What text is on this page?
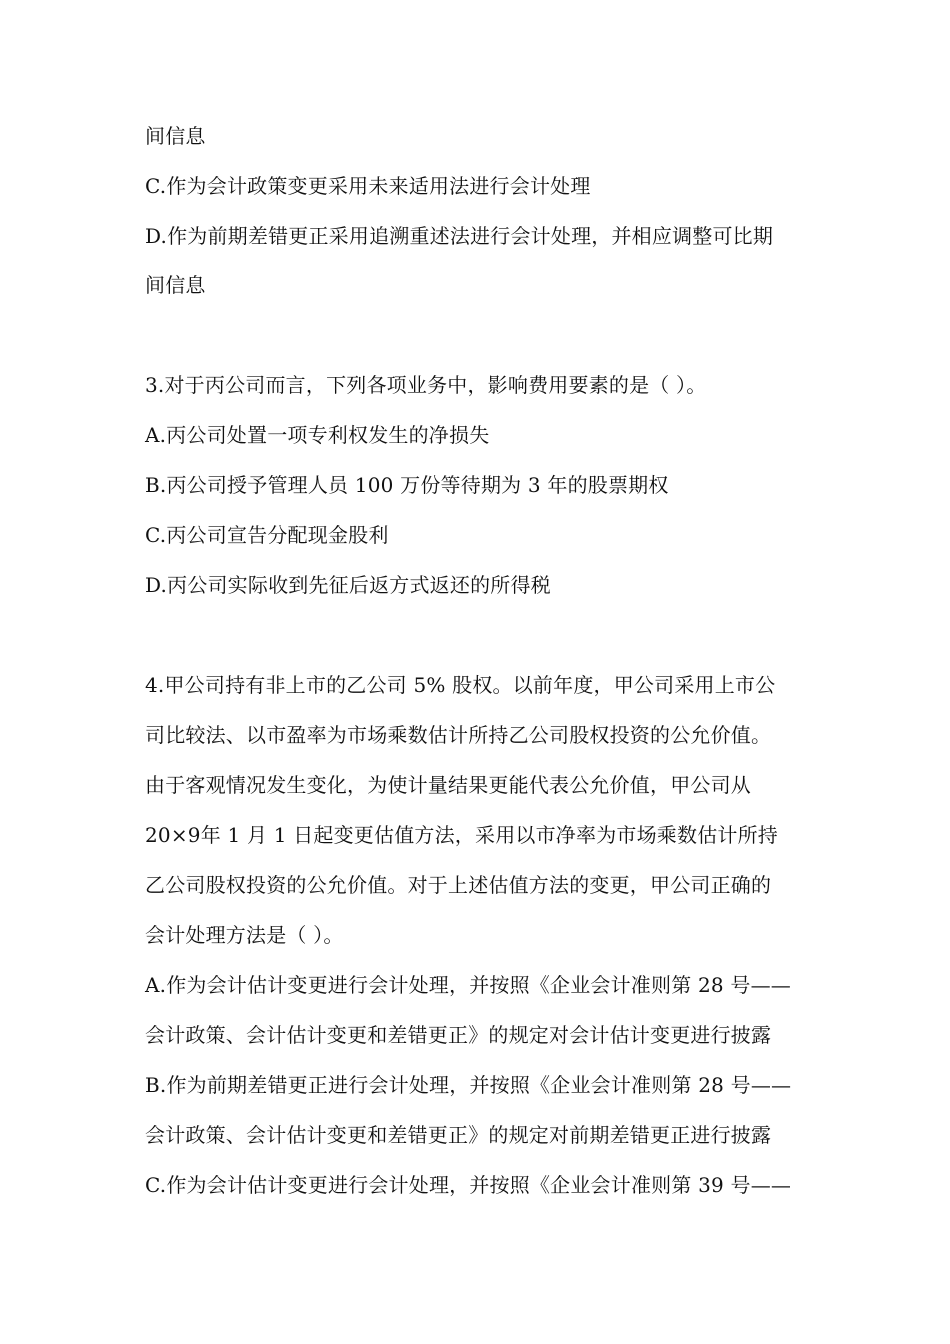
间信息
C.作为会计政策变更采用未来适用法进行会计处理
D.作为前期差错更正采用追溯重述法进行会计处理，并相应调整可比期
间信息
3.对于丙公司而言，下列各项业务中，影响费用要素的是（ ）。
A.丙公司处置一项专利权发生的净损失
B.丙公司授予管理人员 100 万份等待期为 3 年的股票期权
C.丙公司宣告分配现金股利
D.丙公司实际收到先征后返方式返还的所得税
4.甲公司持有非上市的乙公司 5% 股权。以前年度，甲公司采用上市公
司比较法、以市盈率为市场乘数估计所持乙公司股权投资的公允价值。
由于客观情况发生变化，为使计量结果更能代表公允价值，甲公司从
20×9年 1 月 1 日起变更估值方法，采用以市净率为市场乘数估计所持
乙公司股权投资的公允价值。对于上述估值方法的变更，甲公司正确的
会计处理方法是（ ）。
A.作为会计估计变更进行会计处理，并按照《企业会计准则第 28 号——
会计政策、会计估计变更和差错更正》的规定对会计估计变更进行披露
B.作为前期差错更正进行会计处理，并按照《企业会计准则第 28 号——
会计政策、会计估计变更和差错更正》的规定对前期差错更正进行披露
C.作为会计估计变更进行会计处理，并按照《企业会计准则第 39 号——
